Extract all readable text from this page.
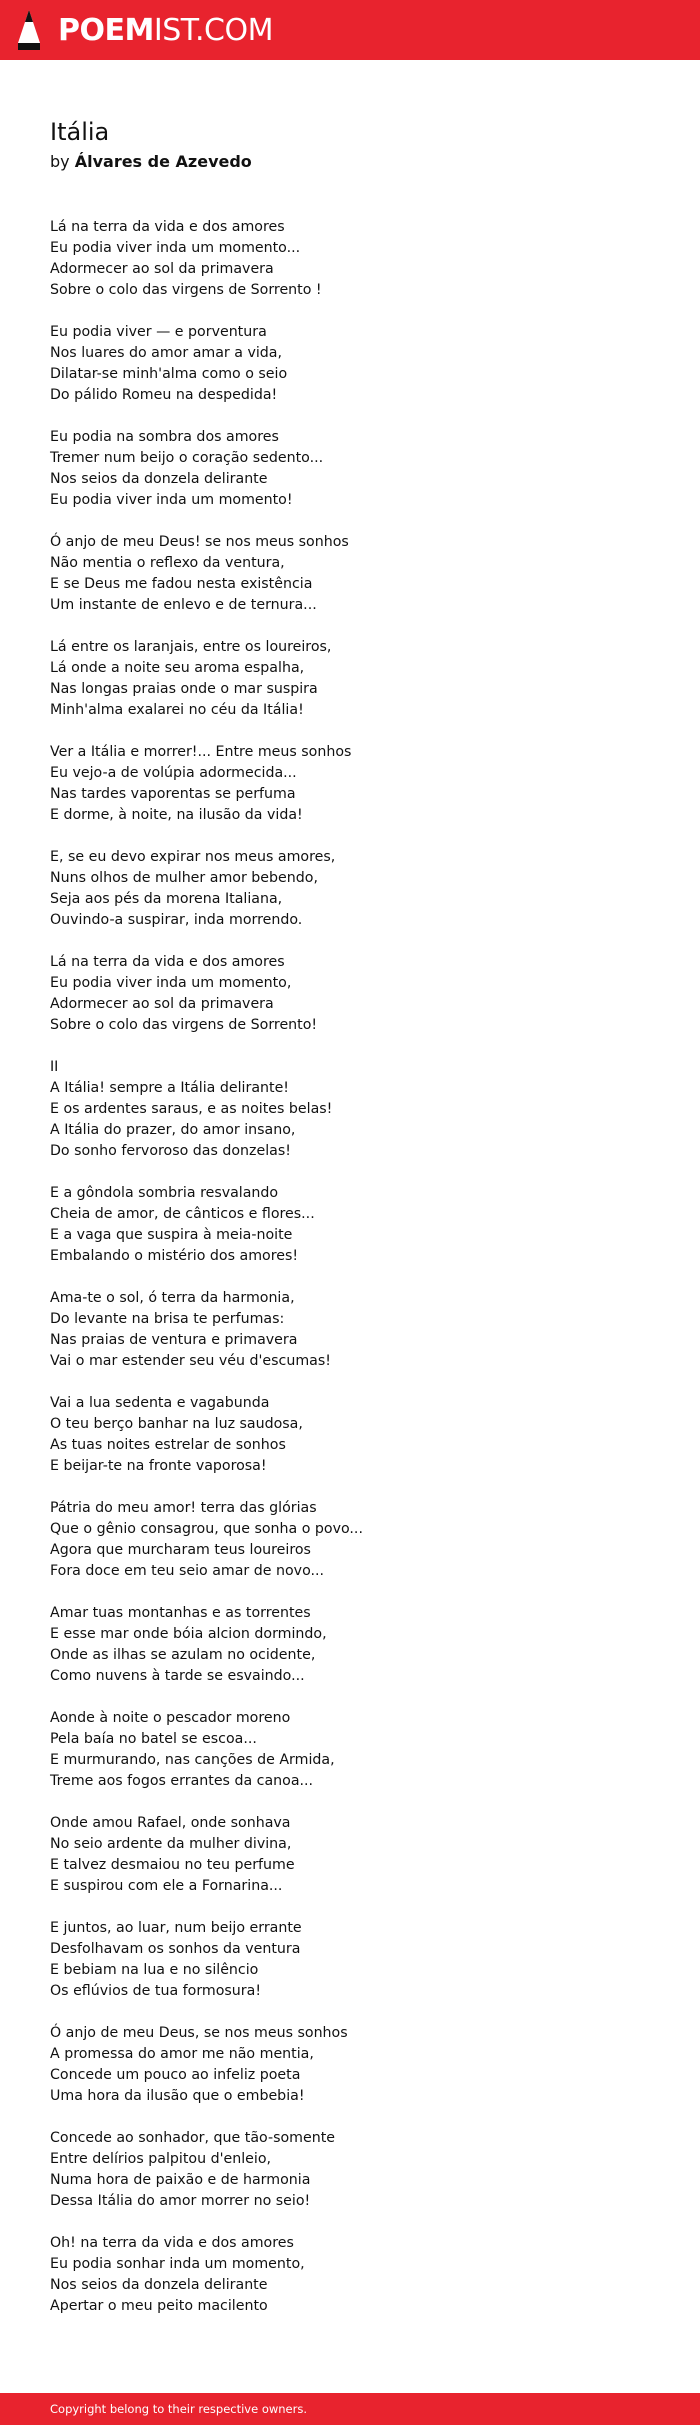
POEMIST.COM
Itália
by Álvares de Azevedo
Lá na terra da vida e dos amores
Eu podia viver inda um momento...
Adormecer ao sol da primavera
Sobre o colo das virgens de Sorrento !
Eu podia viver — e porventura
Nos luares do amor amar a vida,
Dilatar-se minh'alma como o seio
Do pálido Romeu na despedida!
Eu podia na sombra dos amores
Tremer num beijo o coração sedento...
Nos seios da donzela delirante
Eu podia viver inda um momento!
Ó anjo de meu Deus! se nos meus sonhos
Não mentia o reflexo da ventura,
E se Deus me fadou nesta existência
Um instante de enlevo e de ternura...
Lá entre os laranjais, entre os loureiros,
Lá onde a noite seu aroma espalha,
Nas longas praias onde o mar suspira
Minh'alma exalarei no céu da Itália!
Ver a Itália e morrer!... Entre meus sonhos
Eu vejo-a de volúpia adormecida...
Nas tardes vaporentas se perfuma
E dorme, à noite, na ilusão da vida!
E, se eu devo expirar nos meus amores,
Nuns olhos de mulher amor bebendo,
Seja aos pés da morena Italiana,
Ouvindo-a suspirar, inda morrendo.
Lá na terra da vida e dos amores
Eu podia viver inda um momento,
Adormecer ao sol da primavera
Sobre o colo das virgens de Sorrento!
II
A Itália! sempre a Itália delirante!
E os ardentes saraus, e as noites belas!
A Itália do prazer, do amor insano,
Do sonho fervoroso das donzelas!
E a gôndola sombria resvalando
Cheia de amor, de cânticos e flores...
E a vaga que suspira à meia-noite
Embalando o mistério dos amores!
Ama-te o sol, ó terra da harmonia,
Do levante na brisa te perfumas:
Nas praias de ventura e primavera
Vai o mar estender seu véu d'escumas!
Vai a lua sedenta e vagabunda
O teu berço banhar na luz saudosa,
As tuas noites estrelar de sonhos
E beijar-te na fronte vaporosa!
Pátria do meu amor! terra das glórias
Que o gênio consagrou, que sonha o povo...
Agora que murcharam teus loureiros
Fora doce em teu seio amar de novo...
Amar tuas montanhas e as torrentes
E esse mar onde bóia alcion dormindo,
Onde as ilhas se azulam no ocidente,
Como nuvens à tarde se esvaindo...
Aonde à noite o pescador moreno
Pela baía no batel se escoa...
E murmurando, nas canções de Armida,
Treme aos fogos errantes da canoa...
Onde amou Rafael, onde sonhava
No seio ardente da mulher divina,
E talvez desmaiou no teu perfume
E suspirou com ele a Fornarina...
E juntos, ao luar, num beijo errante
Desfolhavam os sonhos da ventura
E bebiam na lua e no silêncio
Os eflúvios de tua formosura!
Ó anjo de meu Deus, se nos meus sonhos
A promessa do amor me não mentia,
Concede um pouco ao infeliz poeta
Uma hora da ilusão que o embebia!
Concede ao sonhador, que tão-somente
Entre delírios palpitou d'enleio,
Numa hora de paixão e de harmonia
Dessa Itália do amor morrer no seio!
Oh! na terra da vida e dos amores
Eu podia sonhar inda um momento,
Nos seios da donzela delirante
Apertar o meu peito macilento
Copyright belong to their respective owners.
